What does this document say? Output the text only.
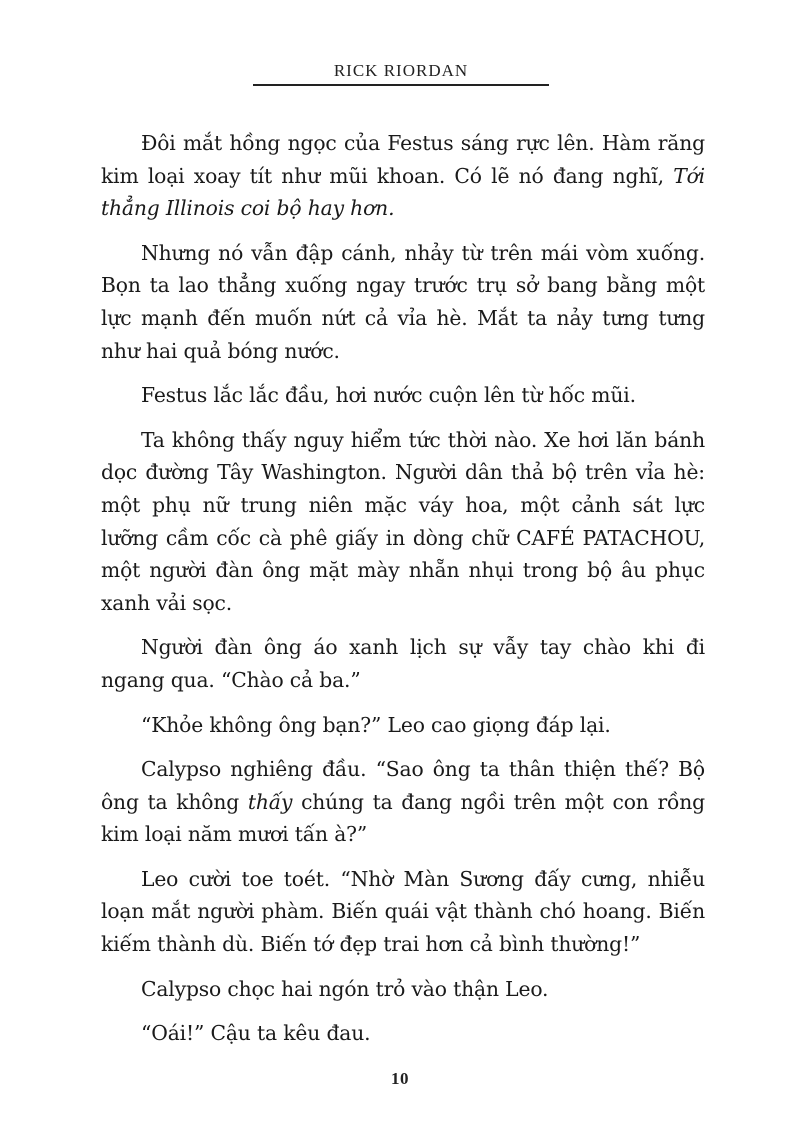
RICK RIORDAN

Đôi mắt hồng ngọc của Festus sáng rực lên. Hàm răng kim loại xoay tít như mũi khoan. Có lẽ nó đang nghĩ, Tới thẳng Illinois coi bộ hay hơn.

Nhưng nó vẫn đập cánh, nhảy từ trên mái vòm xuống. Bọn ta lao thẳng xuống ngay trước trụ sở bang bằng một lực mạnh đến muốn nứt cả vỉa hè. Mắt ta nảy tưng tưng như hai quả bóng nước.

Festus lắc lắc đầu, hơi nước cuộn lên từ hốc mũi.

Ta không thấy nguy hiểm tức thời nào. Xe hơi lăn bánh dọc đường Tây Washington. Người dân thả bộ trên vỉa hè: một phụ nữ trung niên mặc váy hoa, một cảnh sát lực lưỡng cầm cốc cà phê giấy in dòng chữ CAFÉ PATACHOU, một người đàn ông mặt mày nhẵn nhụi trong bộ âu phục xanh vải sọc.

Người đàn ông áo xanh lịch sự vẫy tay chào khi đi ngang qua. “Chào cả ba.”

“Khỏe không ông bạn?” Leo cao giọng đáp lại.

Calypso nghiêng đầu. “Sao ông ta thân thiện thế? Bộ ông ta không thấy chúng ta đang ngồi trên một con rồng kim loại năm mươi tấn à?”

Leo cười toe toét. “Nhờ Màn Sương đấy cưng, nhiễu loạn mắt người phàm. Biến quái vật thành chó hoang. Biến kiếm thành dù. Biến tớ đẹp trai hơn cả bình thường!”

Calypso chọc hai ngón trỏ vào thận Leo.

“Oái!” Cậu ta kêu đau.

10
